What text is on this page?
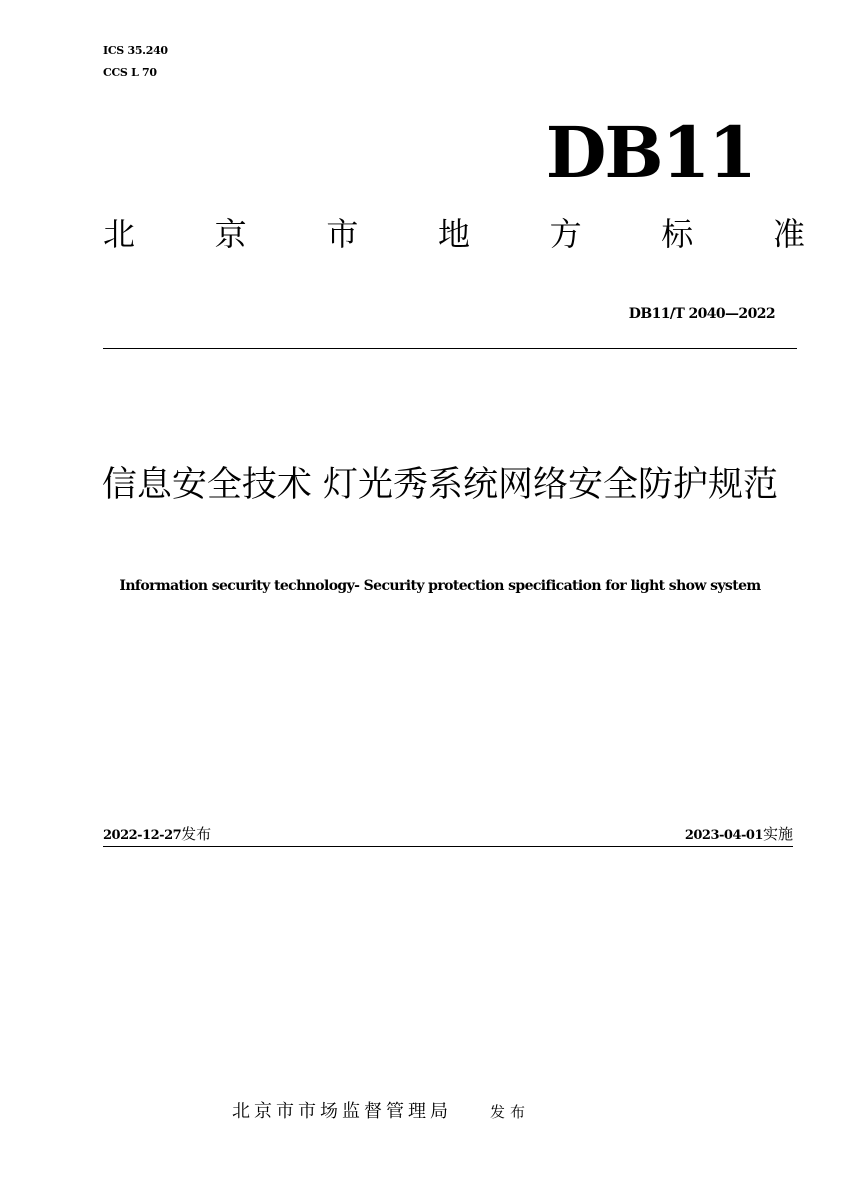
ICS 35.240
CCS L 70
DB11
北 京 市 地 方 标 准
DB11/T 2040—2022
信息安全技术 灯光秀系统网络安全防护规范
Information security technology- Security protection specification for light show system
2022-12-27发布	2023-04-01实施
北京市市场监督管理局	发布
